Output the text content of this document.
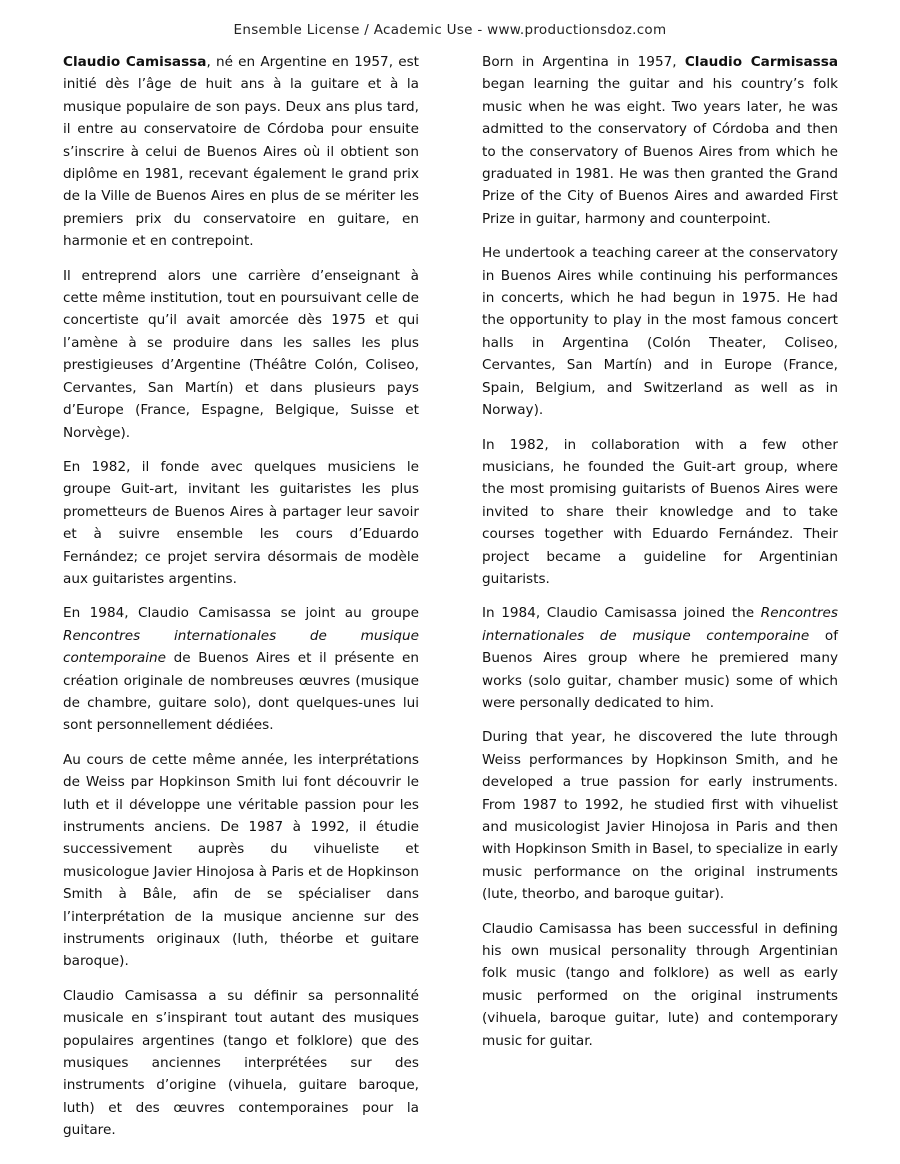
Ensemble License / Academic Use - www.productionsdoz.com

Claudio Camisassa, né en Argentine en 1957, est initié dès l’âge de huit ans à la guitare et à la musique populaire de son pays. Deux ans plus tard, il entre au conservatoire de Córdoba pour ensuite s’inscrire à celui de Buenos Aires où il obtient son diplôme en 1981, recevant également le grand prix de la Ville de Buenos Aires en plus de se mériter les premiers prix du conservatoire en guitare, en harmonie et en contrepoint.

Il entreprend alors une carrière d’enseignant à cette même institution, tout en poursuivant celle de concertiste qu’il avait amorcée dès 1975 et qui l’amène à se produire dans les salles les plus prestigieuses d’Argentine (Théâtre Colón, Coliseo, Cervantes, San Martín) et dans plusieurs pays d’Europe (France, Espagne, Belgique, Suisse et Norvège).

En 1982, il fonde avec quelques musiciens le groupe Guit-art, invitant les guitaristes les plus prometteurs de Buenos Aires à partager leur savoir et à suivre ensemble les cours d’Eduardo Fernández; ce projet servira désormais de modèle aux guitaristes argentins.

En 1984, Claudio Camisassa se joint au groupe Rencontres internationales de musique contemporaine de Buenos Aires et il présente en création originale de nombreuses œuvres (musique de chambre, guitare solo), dont quelques-unes lui sont personnellement dédiées.

Au cours de cette même année, les interprétations de Weiss par Hopkinson Smith lui font découvrir le luth et il développe une véritable passion pour les instruments anciens. De 1987 à 1992, il étudie successivement auprès du vihueliste et musicologue Javier Hinojosa à Paris et de Hopkinson Smith à Bâle, afin de se spécialiser dans l’interprétation de la musique ancienne sur des instruments originaux (luth, théorbe et guitare baroque).

Claudio Camisassa a su définir sa personnalité musicale en s’inspirant tout autant des musiques populaires argentines (tango et folklore) que des musiques anciennes interprétées sur des instruments d’origine (vihuela, guitare baroque, luth) et des œuvres contemporaines pour la guitare.

Born in Argentina in 1957, Claudio Carmisassa began learning the guitar and his country’s folk music when he was eight. Two years later, he was admitted to the conservatory of Córdoba and then to the conservatory of Buenos Aires from which he graduated in 1981. He was then granted the Grand Prize of the City of Buenos Aires and awarded First Prize in guitar, harmony and counterpoint.

He undertook a teaching career at the conservatory in Buenos Aires while continuing his performances in concerts, which he had begun in 1975. He had the opportunity to play in the most famous concert halls in Argentina (Colón Theater, Coliseo, Cervantes, San Martín) and in Europe (France, Spain, Belgium, and Switzerland as well as in Norway).

In 1982, in collaboration with a few other musicians, he founded the Guit-art group, where the most promising guitarists of Buenos Aires were invited to share their knowledge and to take courses together with Eduardo Fernández. Their project became a guideline for Argentinian guitarists.

In 1984, Claudio Camisassa joined the Rencontres internationales de musique contemporaine of Buenos Aires group where he premiered many works (solo guitar, chamber music) some of which were personally dedicated to him.

During that year, he discovered the lute through Weiss performances by Hopkinson Smith, and he developed a true passion for early instruments. From 1987 to 1992, he studied first with vihuelist and musicologist Javier Hinojosa in Paris and then with Hopkinson Smith in Basel, to specialize in early music performance on the original instruments (lute, theorbo, and baroque guitar).

Claudio Camisassa has been successful in defining his own musical personality through Argentinian folk music (tango and folklore) as well as early music performed on the original instruments (vihuela, baroque guitar, lute) and contemporary music for guitar.
